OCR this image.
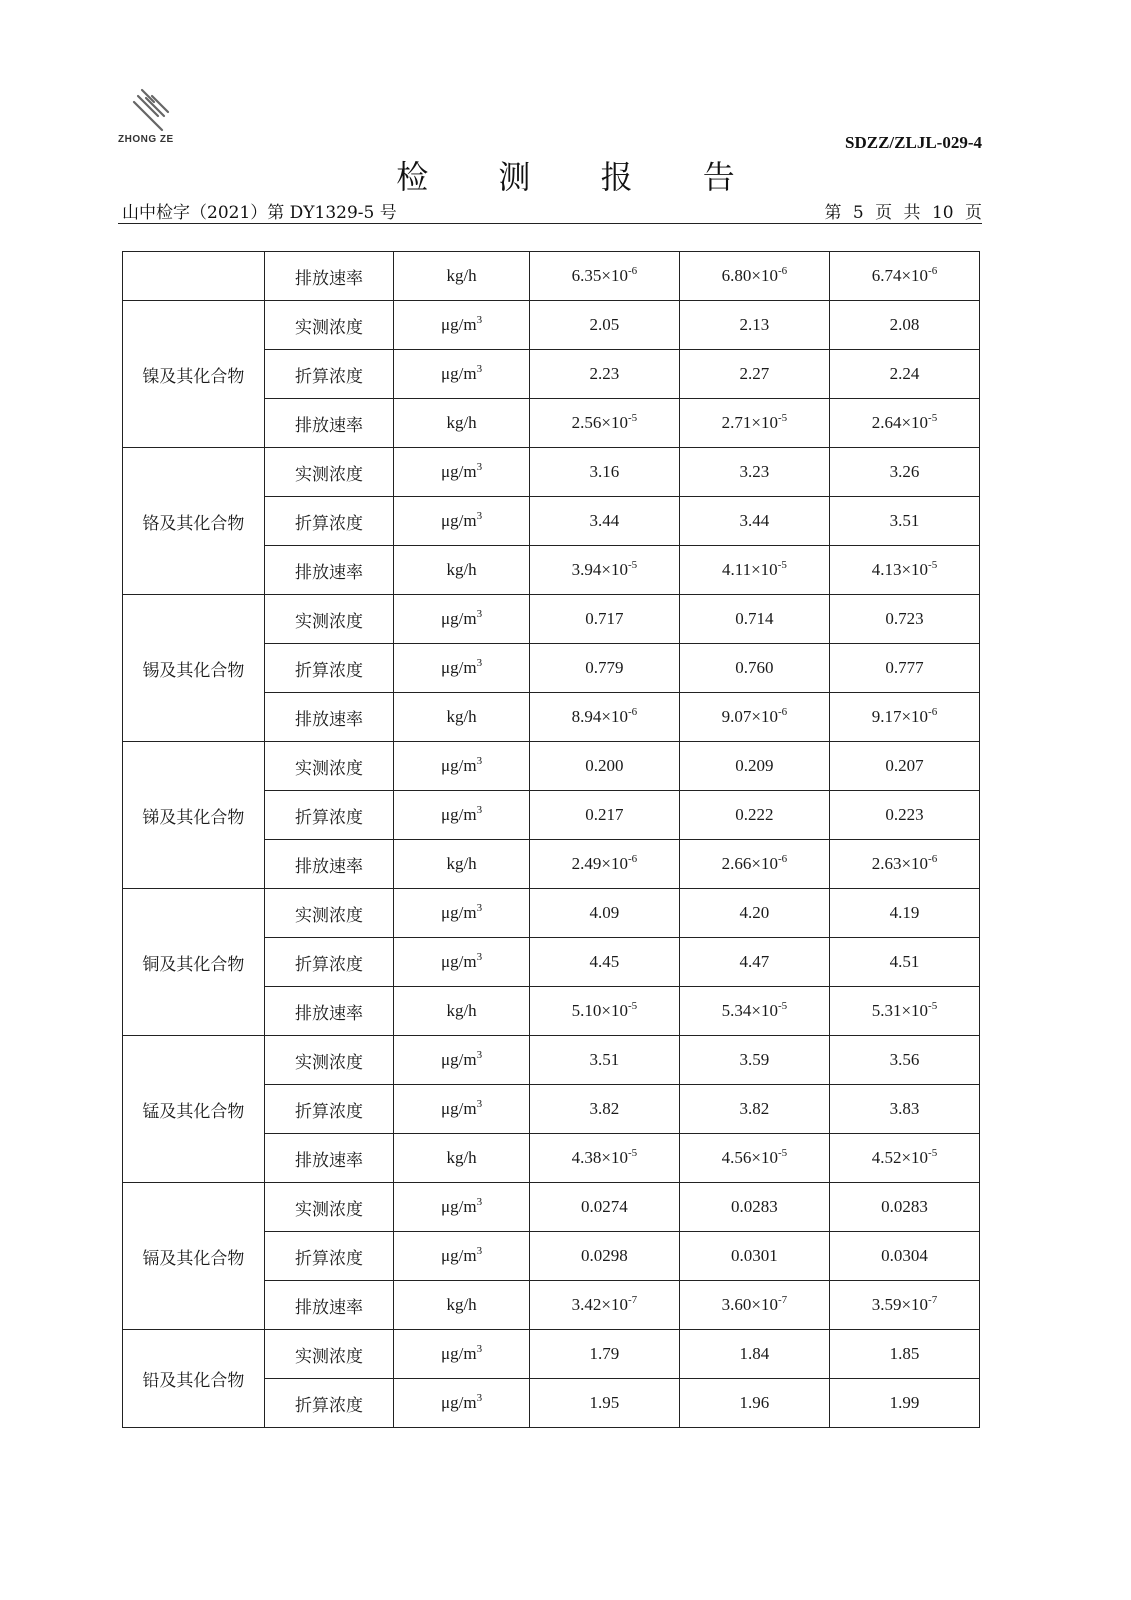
ZHONG ZE	SDZZ/ZLJL-029-4
检 测 报 告
山中检字（2021）第 DY1329-5 号	第 5 页 共 10 页
	排放速率	kg/h	$6.35\times 10^{-6}$	$6.80\times 10^{-6}$	$6.74\times 10^{-6}$
镍及其化合物	实测浓度	$\mu g/m^3$	2.05	2.13	2.08
	折算浓度	$\mu g/m^3$	2.23	2.27	2.24
	排放速率	kg/h	$2.56\times 10^{-5}$	$2.71\times 10^{-5}$	$2.64\times 10^{-5}$
铬及其化合物	实测浓度	$\mu g/m^3$	3.16	3.23	3.26
	折算浓度	$\mu g/m^3$	3.44	3.44	3.51
	排放速率	kg/h	$3.94\times 10^{-5}$	$4.11\times 10^{-5}$	$4.13\times 10^{-5}$
锡及其化合物	实测浓度	$\mu g/m^3$	0.717	0.714	0.723
	折算浓度	$\mu g/m^3$	0.779	0.760	0.777
	排放速率	kg/h	$8.94\times 10^{-6}$	$9.07\times 10^{-6}$	$9.17\times 10^{-6}$
锑及其化合物	实测浓度	$\mu g/m^3$	0.200	0.209	0.207
	折算浓度	$\mu g/m^3$	0.217	0.222	0.223
	排放速率	kg/h	$2.49\times 10^{-6}$	$2.66\times 10^{-6}$	$2.63\times 10^{-6}$
铜及其化合物	实测浓度	$\mu g/m^3$	4.09	4.20	4.19
	折算浓度	$\mu g/m^3$	4.45	4.47	4.51
	排放速率	kg/h	$5.10\times 10^{-5}$	$5.34\times 10^{-5}$	$5.31\times 10^{-5}$
锰及其化合物	实测浓度	$\mu g/m^3$	3.51	3.59	3.56
	折算浓度	$\mu g/m^3$	3.82	3.82	3.83
	排放速率	kg/h	$4.38\times 10^{-5}$	$4.56\times 10^{-5}$	$4.52\times 10^{-5}$
镉及其化合物	实测浓度	$\mu g/m^3$	0.0274	0.0283	0.0283
	折算浓度	$\mu g/m^3$	0.0298	0.0301	0.0304
	排放速率	kg/h	$3.42\times 10^{-7}$	$3.60\times 10^{-7}$	$3.59\times 10^{-7}$
铅及其化合物	实测浓度	$\mu g/m^3$	1.79	1.84	1.85
	折算浓度	$\mu g/m^3$	1.95	1.96	1.99
